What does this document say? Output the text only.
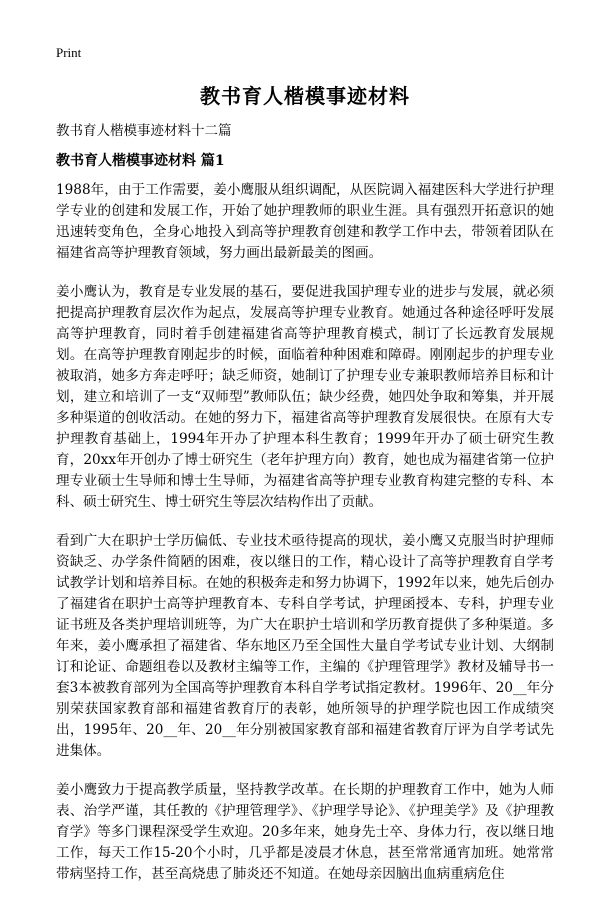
Print
教书育人楷模事迹材料

教书育人楷模事迹材料十二篇

教书育人楷模事迹材料 篇1

1988年，由于工作需要，姜小鹰服从组织调配，从医院调入福建医科大学进行护理学专业的创建和发展工作，开始了她护理教师的职业生涯。具有强烈开拓意识的她迅速转变角色，全身心地投入到高等护理教育创建和教学工作中去，带领着团队在福建省高等护理教育领域，努力画出最新最美的图画。

姜小鹰认为，教育是专业发展的基石，要促进我国护理专业的进步与发展，就必须把提高护理教育层次作为起点，发展高等护理专业教育。她通过各种途径呼吁发展高等护理教育，同时着手创建福建省高等护理教育模式，制订了长远教育发展规划。在高等护理教育刚起步的时候，面临着种种困难和障碍。刚刚起步的护理专业被取消，她多方奔走呼吁；缺乏师资，她制订了护理专业专兼职教师培养目标和计划，建立和培训了一支“双师型”教师队伍；缺少经费，她四处争取和筹集，并开展多种渠道的创收活动。在她的努力下，福建省高等护理教育发展很快。在原有大专护理教育基础上，1994年开办了护理本科生教育；1999年开办了硕士研究生教育，20xx年开创办了博士研究生（老年护理方向）教育，她也成为福建省第一位护理专业硕士生导师和博士生导师，为福建省高等护理专业教育构建完整的专科、本科、硕士研究生、博士研究生等层次结构作出了贡献。

看到广大在职护士学历偏低、专业技术亟待提高的现状，姜小鹰又克服当时护理师资缺乏、办学条件简陋的困难，夜以继日的工作，精心设计了高等护理教育自学考试教学计划和培养目标。在她的积极奔走和努力协调下，1992年以来，她先后创办了福建省在职护士高等护理教育本、专科自学考试，护理函授本、专科，护理专业证书班及各类护理培训班等，为广大在职护士培训和学历教育提供了多种渠道。多年来，姜小鹰承担了福建省、华东地区乃至全国性大量自学考试专业计划、大纲制订和论证、命题组卷以及教材主编等工作，主编的《护理管理学》教材及辅导书一套3本被教育部列为全国高等护理教育本科自学考试指定教材。1996年、20__年分别荣获国家教育部和福建省教育厅的表彰，她所领导的护理学院也因工作成绩突出，1995年、20__年、20__年分别被国家教育部和福建省教育厅评为自学考试先进集体。

姜小鹰致力于提高教学质量，坚持教学改革。在长期的护理教育工作中，她为人师表、治学严谨，其任教的《护理管理学》、《护理学导论》、《护理美学》及《护理教育学》等多门课程深受学生欢迎。20多年来，她身先士卒、身体力行，夜以继日地工作，每天工作15-20个小时，几乎都是凌晨才休息，甚至常常通宵加班。她常常带病坚持工作，甚至高烧患了肺炎还不知道。在她母亲因脑出血病重病危住
